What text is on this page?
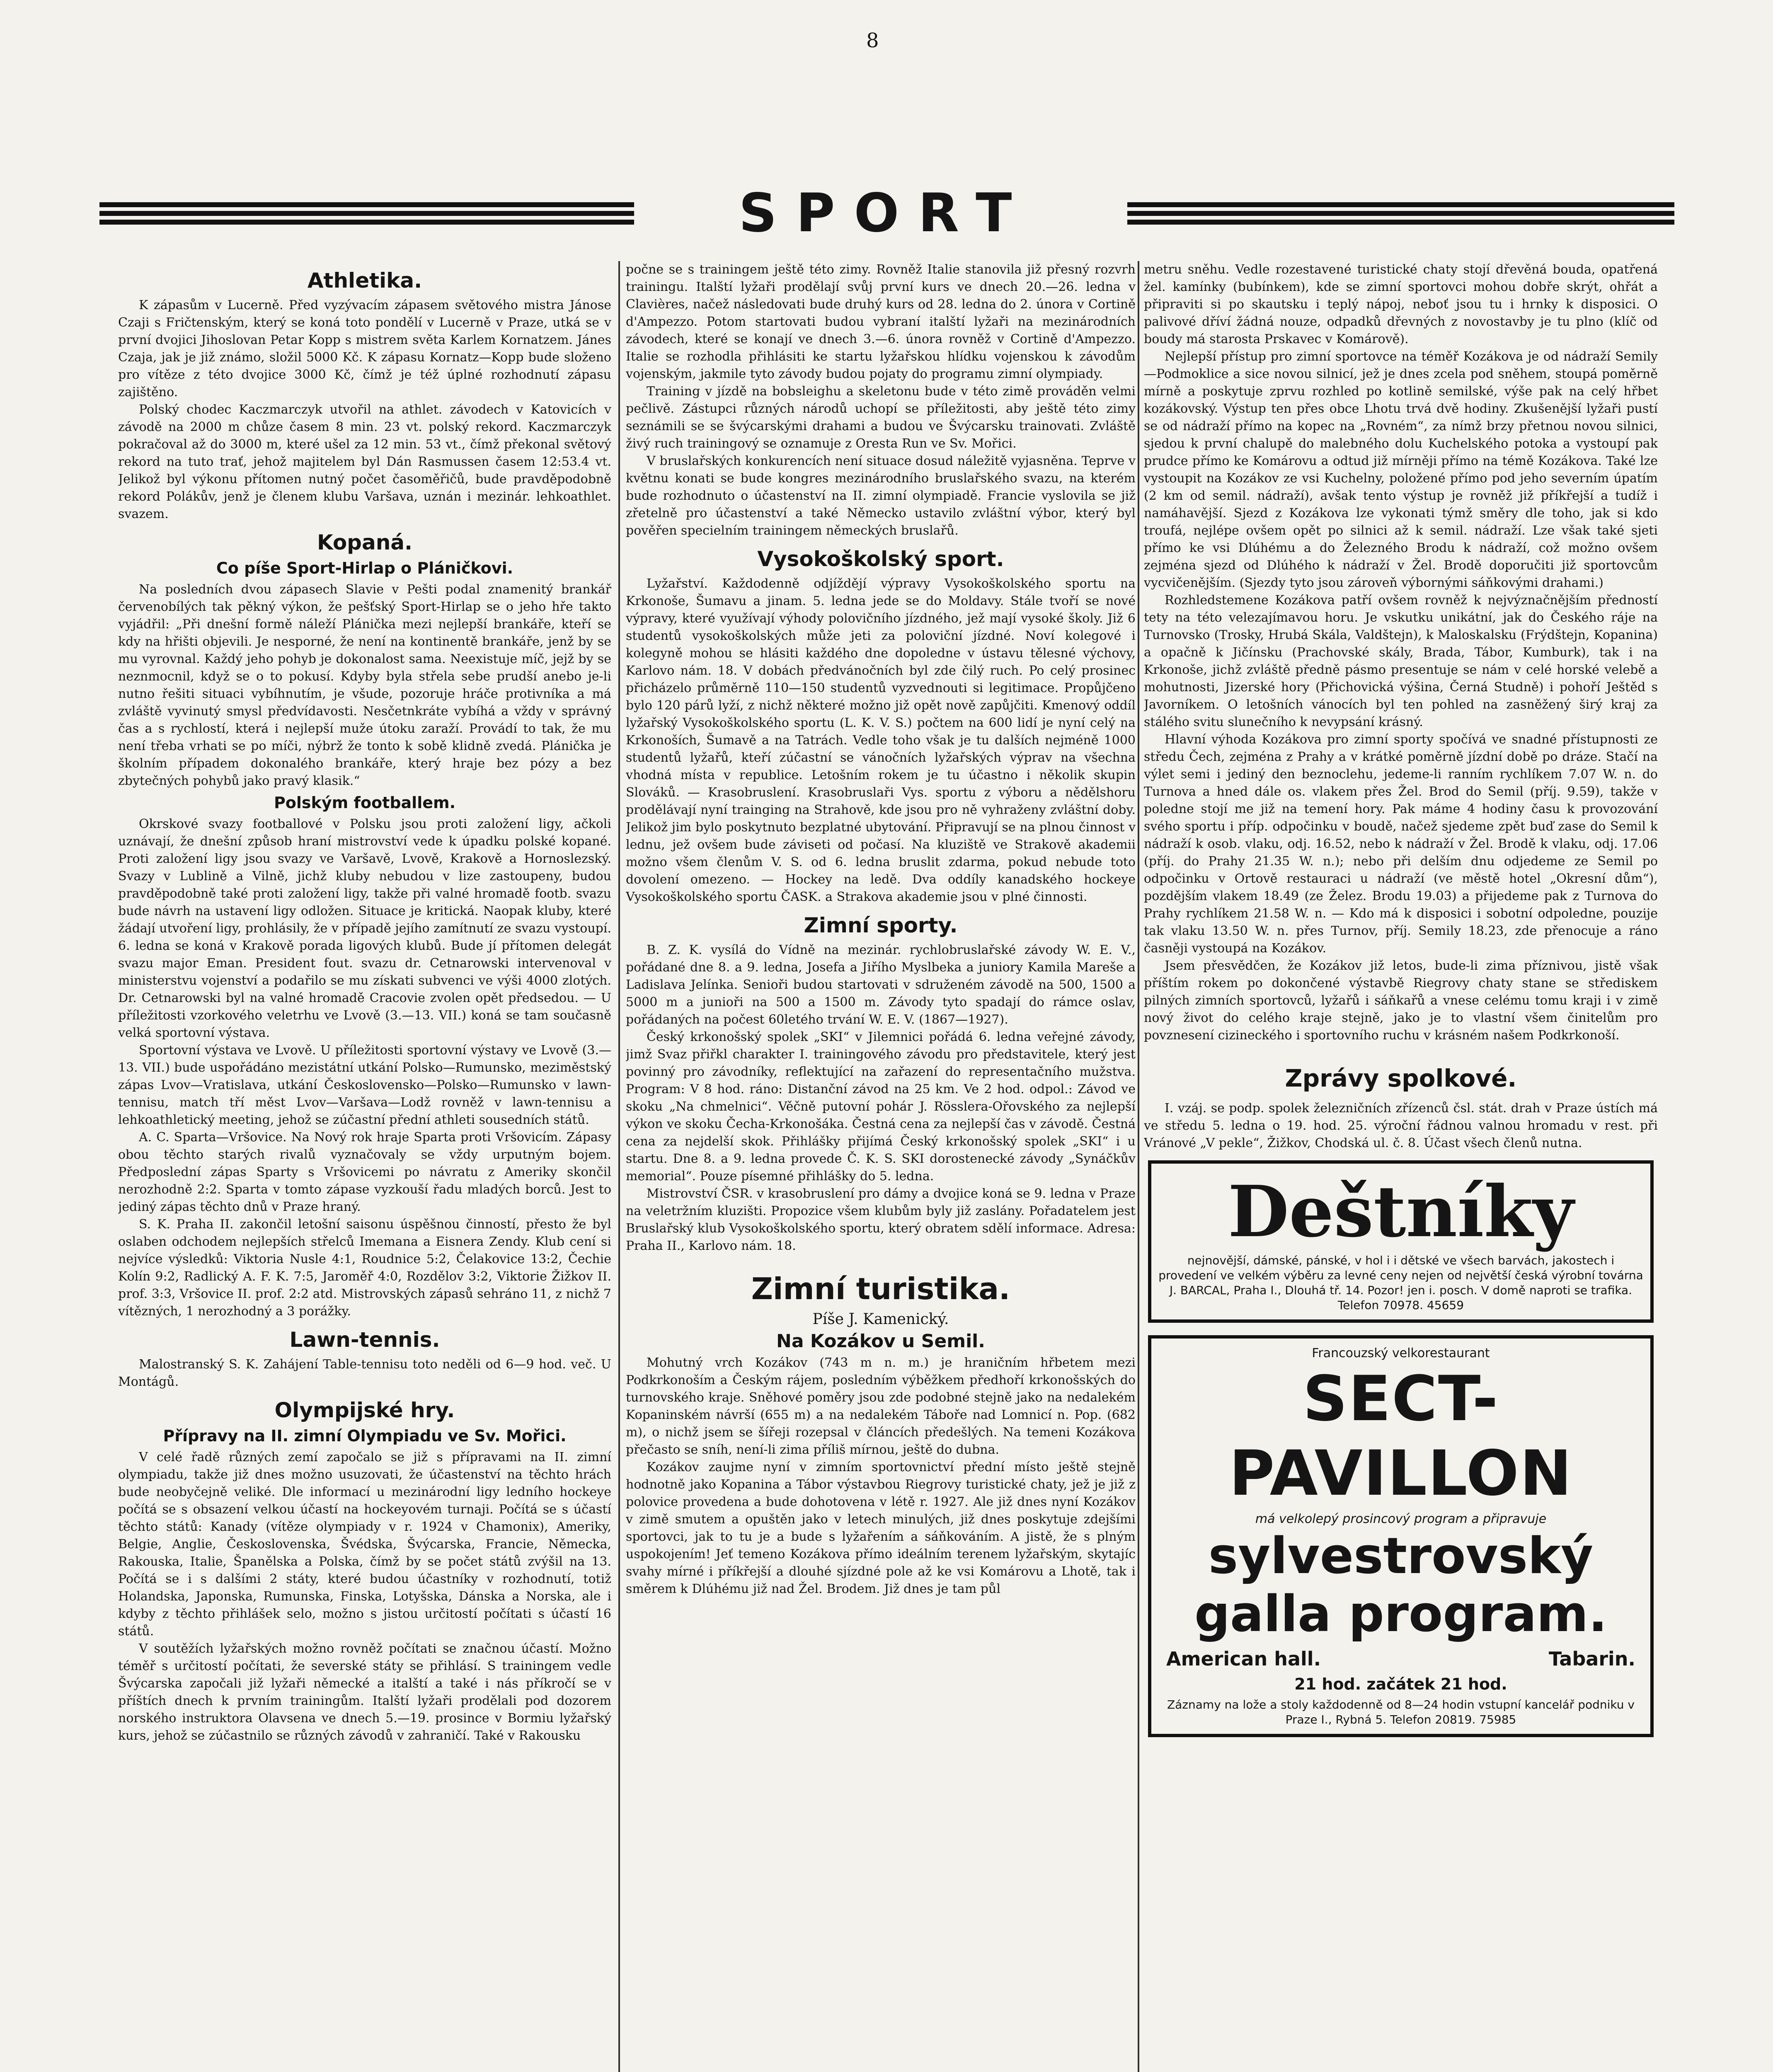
8
SPORT
Athletika.

K zápasům v Lucerně. Před vyzývacím zápasem světového mistra Jánose Czaji s Fričtenským, který se koná toto pondělí v Lucerně v Praze, utká se v první dvojici Jihoslovan Petar Kopp s mistrem světa Karlem Kornatzem. Jánes Czaja, jak je již známo, složil 5000 Kč. K zápasu Kornatz—Kopp bude složeno pro vítěze z této dvojice 3000 Kč, čímž je též úplné rozhodnutí zápasu zajištěno.

Polský chodec Kaczmarczyk utvořil na athlet. závodech v Katovicích v závodě na 2000 m chůze časem 8 min. 23 vt. polský rekord. Kaczmarczyk pokračoval až do 3000 m, které ušel za 12 min. 53 vt., čímž překonal světový rekord na tuto trať, jehož majitelem byl Dán Rasmussen časem 12:53.4 vt. Jelikož byl výkonu přítomen nutný počet časoměřičů, bude pravděpodobně rekord Polákův, jenž je členem klubu Varšava, uznán i mezinár. lehkoathlet. svazem.

Kopaná.
Co píše Sport-Hirlap o Pláničkovi.

Na posledních dvou zápasech Slavie v Pešti podal znamenitý brankář červenobílých tak pěkný výkon, že pešťský Sport-Hirlap se o jeho hře takto vyjádřil: „Při dnešní formě náleží Pláničkа mezi nejlepší brankáře, kteří se kdy na hřišti objevili. Je nesporné, že není na kontinentě brankáře, jenž by se mu vyrovnal. Každý jeho pohyb je dokonalost sama. Neexistuje míč, jejž by se neznmocnil, když se o to pokusí. Kdyby byla střela sebe prudší anebo je-li nutno řešiti situaci vybíhnutím, je všude, pozoruje hráče protivníka a má zvláště vyvinutý smysl předvídavosti. Nesčetnkráte vybíhá a vždy v správný čas a s rychlostí, která i nejlepší muže útoku zaraží. Provádí to tak, že mu není třeba vrhati se po míči, nýbrž že tonto k sobě klidně zvedá. Plánička je školním případem dokonalého brankáře, který hraje bez pózy a bez zbytečných pohybů jako pravý klasik.“

Polským footballem.

Okrskové svazy footballové v Polsku jsou proti založení ligy, ačkoli uznávají, že dnešní způsob hraní mistrovství vede k úpadku polské kopané. Proti založení ligy jsou svazy ve Varšavě, Lvově, Krakově a Hornoslezský. Svazy v Lublině a Vilně, jichž kluby nebudou v lize zastoupeny, budou pravděpodobně také proti založení ligy, takže při valné hromadě footb. svazu bude návrh na ustavení ligy odložen. Situace je kritická. Naopak kluby, které žádají utvoření ligy, prohlásily, že v případě jejího zamítnutí ze svazu vystoupí. 6. ledna se koná v Krakově porada ligových klubů. Bude jí přítomen delegát svazu major Eman. President fout. svazu dr. Cetnarowski intervenoval v ministerstvu vojenství a podařilo se mu získati subvenci ve výši 4000 zlotých. Dr. Cetnarowski byl na valné hromadě Cracovie zvolen opět předsedou. — U příležitosti vzorkového veletrhu ve Lvově (3.—13. VII.) koná se tam současně velká sportovní výstava.

Sportovní výstava ve Lvově. U příležitosti sportovní výstavy ve Lvově (3.—13. VII.) bude uspořádáno mezistátní utkání Polsko—Rumunsko, meziměstský zápas Lvov—Vratislava, utkání Československo—Polsko—Rumunsko v lawn-tennisu, match tří měst Lvov—Varšava—Lodž rovněž v lawn-tennisu a lehkoathletický meeting, jehož se zúčastní přední athleti sousedních států.

A. C. Sparta—Vršovice. Na Nový rok hraje Sparta proti Vršovicím. Zápasy obou těchto starých rivalů vyznačovaly se vždy urputným bojem. Předposlední zápas Sparty s Vršovicemi po návratu z Ameriky skončil nerozhodně 2:2. Sparta v tomto zápase vyzkouší řadu mladých borců. Jest to jediný zápas těchto dnů v Praze hraný.

S. K. Praha II. zakončil letošní saisonu úspěšnou činností, přesto že byl oslaben odchodem nejlepších střelců Imemana a Eisnera Zendy. Klub cení si nejvíce výsledků: Viktoria Nusle 4:1, Roudnice 5:2, Čelakovice 13:2, Čechie Kolín 9:2, Radlický A. F. K. 7:5, Jaroměř 4:0, Rozdělov 3:2, Viktorie Žižkov II. prof. 3:3, Vršovice II. prof. 2:2 atd. Mistrovských zápasů sehráno 11, z nichž 7 vítězných, 1 nerozhodný a 3 porážky.

Lawn-tennis.

Malostranský S. K. Zahájení Table-tennisu toto neděli od 6—9 hod. več. U Montágů.

Olympijské hry.
Přípravy na II. zimní Olympiadu ve Sv. Mořici.

V celé řadě různých zemí započalo se již s přípravami na II. zimní olympiadu, takže již dnes možno usuzovati, že účastenství na těchto hrách bude neobyčejně veliké. Dle informací u mezinárodní ligy ledního hockeye počítá se s obsazení velkou účastí na hockeyovém turnaji. Počítá se s účastí těchto států: Kanady (vítěze olympiady v r. 1924 v Chamonix), Ameriky, Belgie, Anglie, Československa, Švédska, Švýcarska, Francie, Německa, Rakouska, Italie, Španělska a Polska, čímž by se počet států zvýšil na 13. Počítá se i s dalšími 2 státy, které budou účastníky v rozhodnutí, totiž Holandska, Japonska, Rumunska, Finska, Lotyšska, Dánska a Norska, ale i kdyby z těchto přihlášek selo, možno s jistou určitostí počítati s účastí 16 států.

V soutěžích lyžařských možno rovněž počítati se značnou účastí. Možno téměř s určitostí počítati, že severské státy se přihlásí. S trainingem vedle Švýcarska započali již lyžaři německé a italští a také i nás příkročí se v příštích dnech k prvním trainingům. Italští lyžaři prodělali pod dozorem norského instruktora Olavsena ve dnech 5.—19. prosince v Bormiu lyžařský kurs, jehož se zúčastnilo se různých závodů v zahraničí. Také v Rakousku

počne se s trainingem ještě této zimy. Rovněž Italie stanovila již přesný rozvrh trainingu. Italští lyžaři prodělají svůj první kurs ve dnech 20.—26. ledna v Clavières, načež následovati bude druhý kurs od 28. ledna do 2. února v Cortině d'Ampezzo. Potom startovati budou vybraní italští lyžaři na mezinárodních závodech, které se konají ve dnech 3.—6. února rovněž v Cortině d'Ampezzo. Italie se rozhodla přihlásiti ke startu lyžařskou hlídku vojenskou k závodům vojenským, jakmile tyto závody budou pojaty do programu zimní olympiady.

Training v jízdě na bobsleighu a skeletonu bude v této zimě prováděn velmi pečlivě. Zástupci různých národů uchopí se příležitosti, aby ještě této zimy seznámili se se švýcarskými drahami a budou ve Švýcarsku trainovati. Zvláště živý ruch trainingový se oznamuje z Oresta Run ve Sv. Mořici.

V bruslařských konkurencích není situace dosud náležitě vyjasněna. Teprve v květnu konati se bude kongres mezinárodního bruslařského svazu, na kterém bude rozhodnuto o účastenství na II. zimní olympiadě. Francie vyslovila se již zřetelně pro účastenství a také Německo ustavilo zvláštní výbor, který byl pověřen specielním trainingem německých bruslařů.

Vysokoškolský sport.

Lyžařství. Každodenně odjíždějí výpravy Vysokoškolského sportu na Krkonoše, Šumavu a jinam. 5. ledna jede se do Moldavy. Stále tvoří se nové výpravy, které využívají výhody polovičního jízdného, jež mají vysoké školy. Již 6 studentů vysokoškolských může jeti za poloviční jízdné. Noví kolegové i kolegyně mohou se hlásiti každého dne dopoledne v ústavu tělesné výchovy, Karlovo nám. 18. V dobách předvánočních byl zde čilý ruch. Po celý prosinec přicházelo průměrně 110—150 studentů vyzvednouti si legitimace. Propůjčeno bylo 120 párů lyží, z nichž některé možno již opět nově zapůjčiti. Kmenový oddíl lyžařský Vysokoškolského sportu (L. K. V. S.) počtem na 600 lidí je nyní celý na Krkonoších, Šumavě a na Tatrách. Vedle toho však je tu dalších nejméně 1000 studentů lyžařů, kteří zúčastní se vánočních lyžařských výprav na všechna vhodná místa v republice. Letošním rokem je tu účastno i několik skupin Slováků. — Krasobruslení. Krasobruslaři Vys. sportu z výboru a nědělshoru prodělávají nyní trainging na Strahově, kde jsou pro ně vyhraženy zvláštní doby. Jelikož jim bylo poskytnuto bezplatné ubytování. Připravují se na plnou činnost v lednu, jež ovšem bude záviseti od počasí. Na kluziště ve Strakově akademii možno všem členům V. S. od 6. ledna bruslit zdarma, pokud nebude toto dovolení omezeno. — Hockey na ledě. Dva oddíly kanadského hockeye Vysokoškolského sportu ČASK. a Strakova akademie jsou v plné činnosti.

Zimní sporty.

B. Z. K. vysílá do Vídně na mezinár. rychlobruslařské závody W. E. V., pořádané dne 8. a 9. ledna, Josefa a Jiřího Myslbeka a juniory Kamila Mareše a Ladislava Jelínka. Senioři budou startovati v sdruženém závodě na 500, 1500 a 5000 m a junioři na 500 a 1500 m. Závody tyto spadají do rámce oslav, pořádaných na počest 60letého trvání W. E. V. (1867—1927).

Český krkonošský spolek „SKI“ v Jilemnici pořádá 6. ledna veřejné závody, jimž Svaz přiřkl charakter I. trainingového závodu pro představitele, který jest povinný pro závodníky, reflektující na zařazení do representačního mužstva. Program: V 8 hod. ráno: Distanční závod na 25 km. Ve 2 hod. odpol.: Závod ve skoku „Na chmelnici“. Věčně putovní pohár J. Rösslera-Ořovského za nejlepší výkon ve skoku Čecha-Krkonošáka. Čestná cena za nejlepší čas v závodě. Čestná cena za nejdelší skok. Přihlášky přijímá Český krkonošský spolek „SKI“ i u startu. Dne 8. a 9. ledna provede Č. K. S. SKI dorostenecké závody „Synáčkův memorial“. Pouze písemné přihlášky do 5. ledna.

Mistrovství ČSR. v krasobruslení pro dámy a dvojice koná se 9. ledna v Praze na veletržním kluzišti. Propozice všem klubům byly již zaslány. Pořadatelem jest Bruslařský klub Vysokoškolského sportu, který obratem sdělí informace. Adresa: Praha II., Karlovo nám. 18.

Zimní turistika.
Píše J. Kamenický.
Na Kozákov u Semil.

Mohutný vrch Kozákov (743 m n. m.) je hraničním hřbetem mezi Podkrkonoším a Českým rájem, posledním výběžkem předhoří krkonošských do turnovského kraje. Sněhové poměry jsou zde podobné stejně jako na nedalekém Kopaninském návrší (655 m) a na nedalekém Táboře nad Lomnicí n. Pop. (682 m), o nichž jsem se šířeji rozepsal v článcích předešlých. Na temeni Kozákova přečasto se sníh, není-li zima příliš mírnou, ještě do dubna.

Kozákov zaujme nyní v zimním sportovnictví přední místo ještě stejně hodnotně jako Kopanina a Tábor výstavbou Riegrovy turistické chaty, jež je již z polovice provedena a bude dohotovena v létě r. 1927. Ale již dnes nyní Kozákov v zimě smutem a opuštěn jako v letech minulých, již dnes poskytuje zdejšími sportovci, jak to tu je a bude s lyžařením a sáňkováním. A jistě, že s plným uspokojením! Jeť temeno Kozákova přímo ideálním terenem lyžařským, skytajíc svahy mírné i příkřejší a dlouhé sjízdné pole až ke vsi Komárovu a Lhotě, tak i směrem k Dlúhému již nad Žel. Brodem. Již dnes je tam půl

metru sněhu. Vedle rozestavené turistické chaty stojí dřevěná bouda, opatřená žel. kamínky (bubínkem), kde se zimní sportovci mohou dobře skrýt, ohřát a připraviti si po skautsku i teplý nápoj, neboť jsou tu i hrnky k disposici. O palivové dříví žádná nouze, odpadků dřevných z novostavby je tu plno (klíč od boudy má starosta Prskavec v Komárově).

Nejlepší přístup pro zimní sportovce na téměř Kozákova je od nádraží Semily—Podmoklice a sice novou silnicí, jež je dnes zcela pod sněhem, stoupá poměrně mírně a poskytuje zprvu rozhled po kotlině semilské, výše pak na celý hřbet kozákovský. Výstup ten přes obce Lhotu trvá dvě hodiny. Zkušenější lyžaři pustí se od nádraží přímo na kopec na „Rovném“, za nímž brzy přetnou novou silnici, sjedou k první chalupě do malebného dolu Kuchelského potoka a vystoupí pak prudce přímo ke Komárovu a odtud již mírněji přímo na témě Kozákova. Také lze vystoupit na Kozákov ze vsi Kuchelny, položené přímo pod jeho severním úpatím (2 km od semil. nádraží), avšak tento výstup je rovněž již příkřejší a tudíž i namáhavější. Sjezd z Kozákova lze vykonati týmž směry dle toho, jak si kdo troufá, nejlépe ovšem opět po silnici až k semil. nádraží. Lze však také sjeti přímo ke vsi Dlúhému a do Železného Brodu k nádraží, což možno ovšem zejména sjezd od Dlúhého k nádraží v Žel. Brodě doporučiti již sportovcům vycvičenějším. (Sjezdy tyto jsou zároveň výbornými sáňkovými drahami.)

Rozhledstemene Kozákova patří ovšem rovněž k nejvýznačnějším předností tety na této velezajímavou horu. Je vskutku unikátní, jak do Českého ráje na Turnovsko (Trosky, Hrubá Skála, Valdštejn), k Maloskalsku (Frýdštejn, Kopanina) a opačně k Jičínsku (Prachovské skály, Brada, Tábor, Kumburk), tak i na Krkonoše, jichž zvláště předně pásmo presentuje se nám v celé horské velebě a mohutnosti, Jizerské hory (Přichovická výšina, Černá Studně) i pohoří Ještěd s Javorníkem. O letošních vánocích byl ten pohled na zasněžený širý kraj za stálého svitu slunečního k nevypsání krásný.

Hlavní výhoda Kozákova pro zimní sporty spočívá ve snadné přístupnosti ze středu Čech, zejména z Prahy a v krátké poměrně jízdní době po dráze. Stačí na výlet semi i jediný den beznoclehu, jedeme-li ranním rychlíkem 7.07 W. n. do Turnova a hned dále os. vlakem přes Žel. Brod do Semil (příj. 9.59), takže v poledne stojí me již na temení hory. Pak máme 4 hodiny času k provozování svého sportu i příp. odpočinku v boudě, načež sjedeme zpět buď zase do Semil k nádraží k osob. vlaku, odj. 16.52, nebo k nádraží v Žel. Brodě k vlaku, odj. 17.06 (příj. do Prahy 21.35 W. n.); nebo při delším dnu odjedeme ze Semil po odpočinku v Ortově restauraci u nádraží (ve městě hotel „Okresní dům“), pozdějším vlakem 18.49 (ze Želez. Brodu 19.03) a přijedeme pak z Turnova do Prahy rychlíkem 21.58 W. n. — Kdo má k disposici i sobotní odpoledne, pouzije tak vlaku 13.50 W. n. přes Turnov, příj. Semily 18.23, zde přenocuje a ráno časněji vystoupá na Kozákov.

Jsem přesvědčen, že Kozákov již letos, bude-li zima příznivou, jistě však příštím rokem po dokončené výstavbě Riegrovy chaty stane se střediskem pilných zimních sportovců, lyžařů i sáňkařů a vnese celému tomu kraji i v zimě nový život do celého kraje stejně, jako je to vlastní všem činitelům pro povznesení cizineckého i sportovního ruchu v krásném našem Podkrkonoší.

Zprávy spolkové.

I. vzáj. se podp. spolek železničních zřízenců čsl. stát. drah v Praze ústích má ve středu 5. ledna o 19. hod. 25. výroční řádnou valnou hromadu v rest. při Vránové „V pekle“, Žižkov, Chodská ul. č. 8. Účast všech členů nutna.

Deštníky
nejnovější, dámské, pánské, v hol i i dětské ve všech barvách, jakostech i provedení ve velkém výběru za levné ceny nejen od největší česká výrobní továrna J. BARCAL, Praha I., Dlouhá tř. 14. Pozor! jen i. posch. V domě naproti se trafika. Telefon 70978. 45659
Francouzský velkorestaurant
SECT-PAVILLON
má velkolepý prosincový program a připravuje
sylvestrovský
galla program.
American hall.	Tabarin.
21 hod. začátek 21 hod.
Záznamy na lože a stoly každodenně od 8—24 hodin vstupní kancelář podniku v Praze I., Rybná 5. Telefon 20819. 75985
